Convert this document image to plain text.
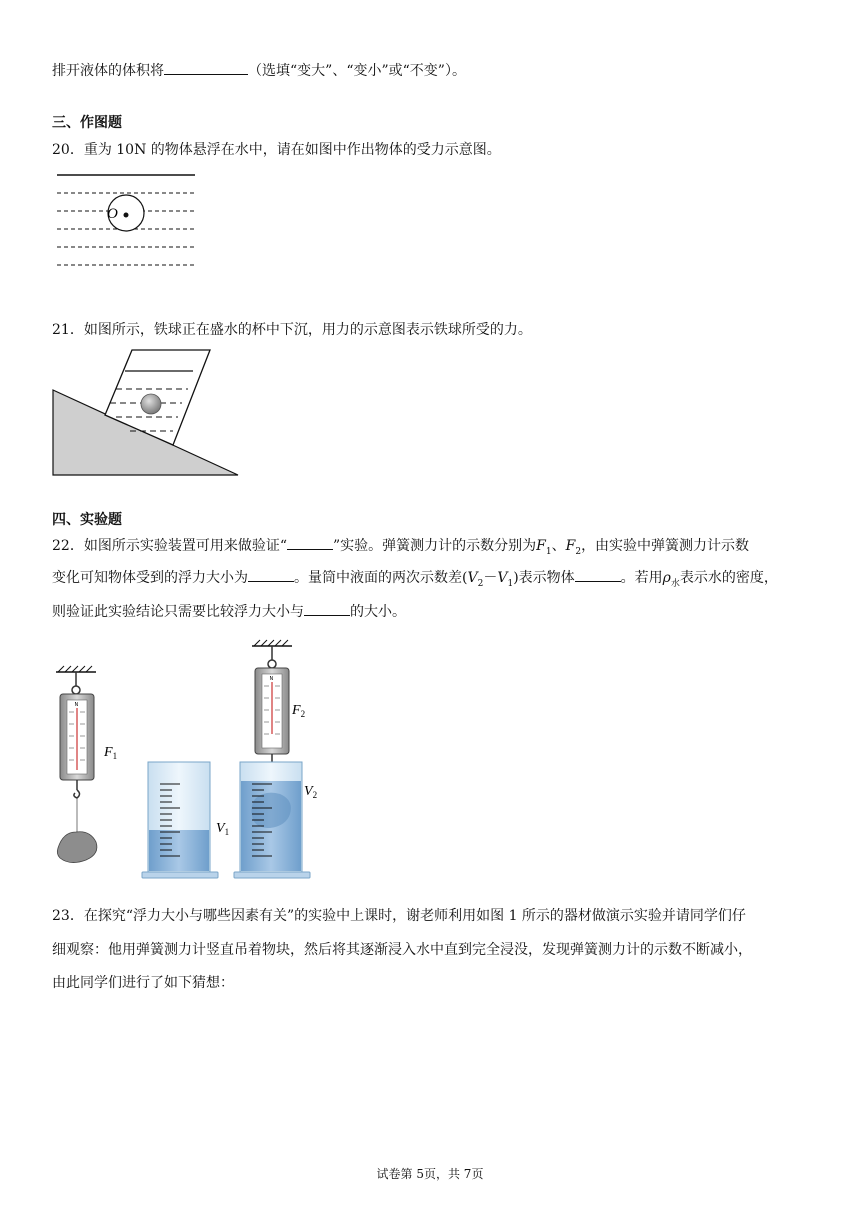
排开液体的体积将	（选填“变大”、“变小”或“不变”）。
三、作图题
20．重为 10N 的物体悬浮在水中，请在如图中作出物体的受力示意图。
O
21．如图所示，铁球正在盛水的杯中下沉，用力的示意图表示铁球所受的力。
四、实验题
22．如图所示实验装置可用来做验证“	”实验。弹簧测力计的示数分别为$F_1$、$F_2$，由实验中弹簧测力计示数
变化可知物体受到的浮力大小为	。量筒中液面的两次示数差$(V_2-V_1)$表示物体	。若用$\rho_水$表示水的密度，
则验证此实验结论只需要比较浮力大小与	的大小。
N
$F_1$
$V_1$
N
$F_2$
$V_2$
23．在探究“浮力大小与哪些因素有关”的实验中上课时，谢老师利用如图 1 所示的器材做演示实验并请同学们仔
细观察：他用弹簧测力计竖直吊着物块，然后将其逐渐浸入水中直到完全浸没，发现弹簧测力计的示数不断减小，
由此同学们进行了如下猜想：
试卷第 5页，共 7页
